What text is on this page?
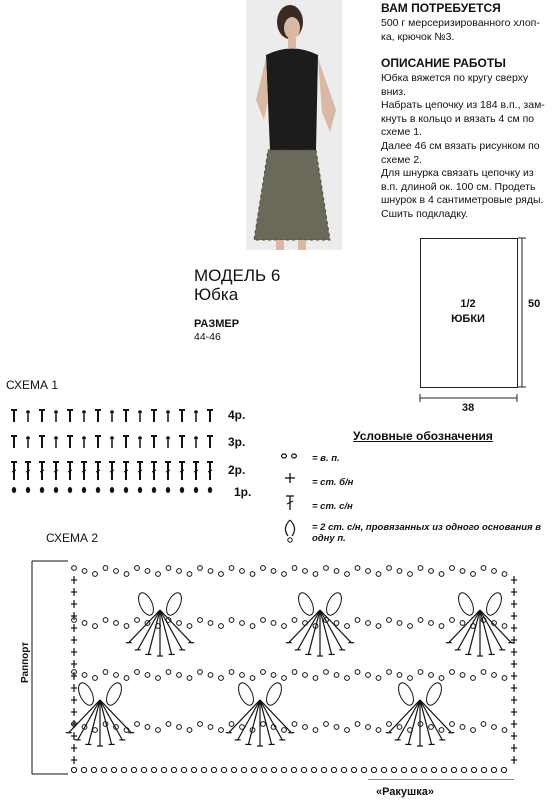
ВАМ ПОТРЕБУЕТСЯ
500 г мерсеризированного хлоп-
ка, крючок №3.
ОПИСАНИЕ РАБОТЫ
Юбка вяжется по кругу сверху
вниз.
Набрать цепочку из 184 в.п., зам-
кнуть в кольцо и вязать 4 см по
схеме 1.
Далее 46 см вязать рисунком по
схеме 2.
Для шнурка связать цепочку из
в.п. длиной ок. 100 см. Продеть
шнурок в 4 сантиметровые ряды.
Сшить подкладку.
МОДЕЛЬ 6
Юбка
РАЗМЕР
44-46
1/2
ЮБКИ
50
38
СХЕМА 1
4р.
3р.
2р.
1р.
Условные обозначения
= в. п.
= ст. б/н
= ст. с/н
= 2 ст. с/н, провязанных из одного основания в одну п.
СХЕМА 2
Раппорт
«Ракушка»
